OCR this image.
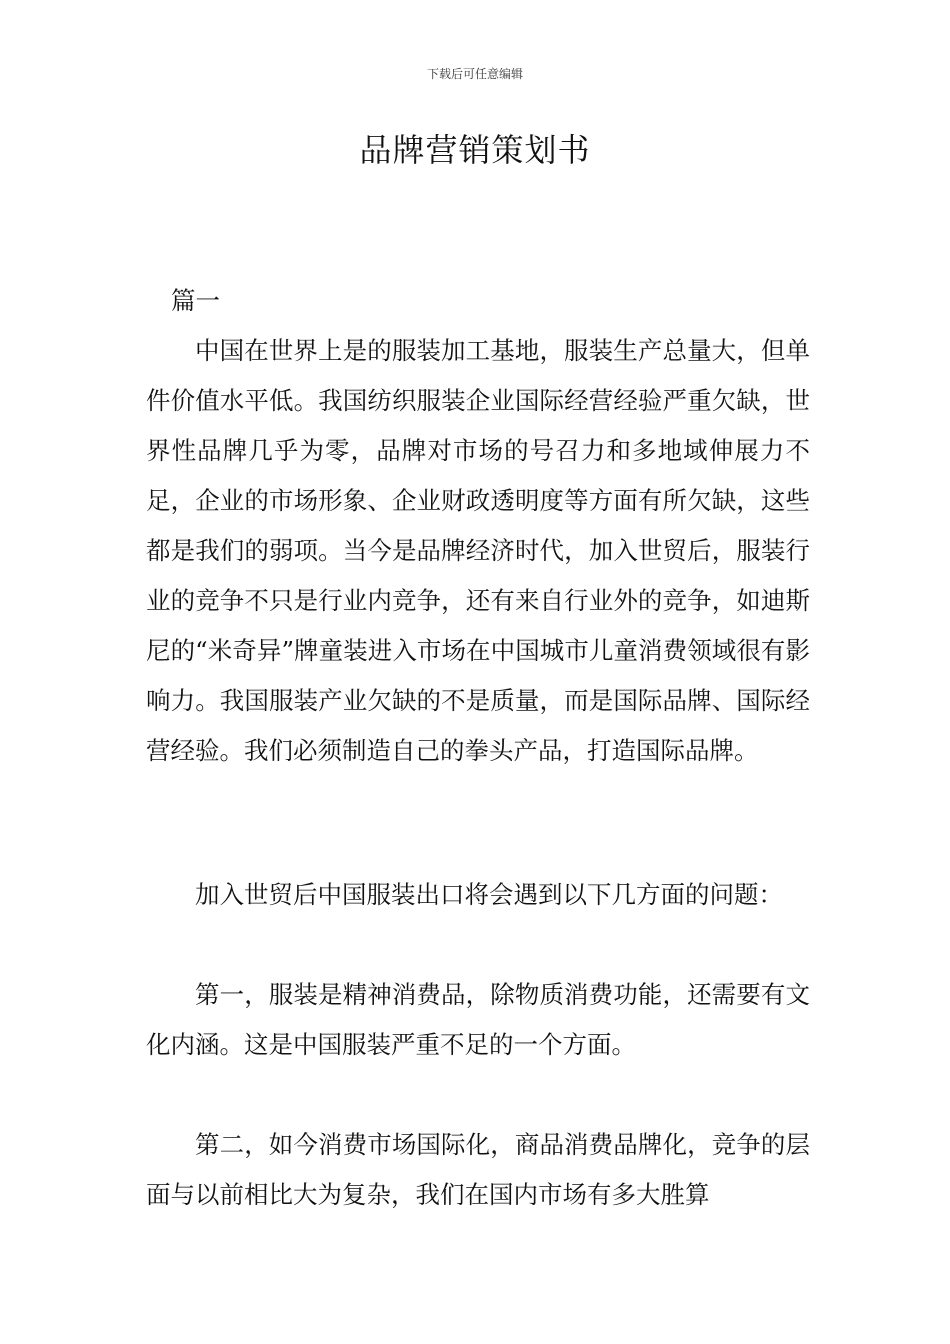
下载后可任意编辑
品牌营销策划书

篇一

中国在世界上是的服装加工基地，服装生产总量大，但单件价值水平低。我国纺织服装企业国际经营经验严重欠缺，世界性品牌几乎为零，品牌对市场的号召力和多地域伸展力不足，企业的市场形象、企业财政透明度等方面有所欠缺，这些都是我们的弱项。当今是品牌经济时代，加入世贸后，服装行业的竞争不只是行业内竞争，还有来自行业外的竞争，如迪斯尼的“米奇异”牌童装进入市场在中国城市儿童消费领域很有影响力。我国服装产业欠缺的不是质量，而是国际品牌、国际经营经验。我们必须制造自己的拳头产品，打造国际品牌。

加入世贸后中国服装出口将会遇到以下几方面的问题：

第一，服装是精神消费品，除物质消费功能，还需要有文化内涵。这是中国服装严重不足的一个方面。

第二，如今消费市场国际化，商品消费品牌化，竞争的层面与以前相比大为复杂，我们在国内市场有多大胜算
